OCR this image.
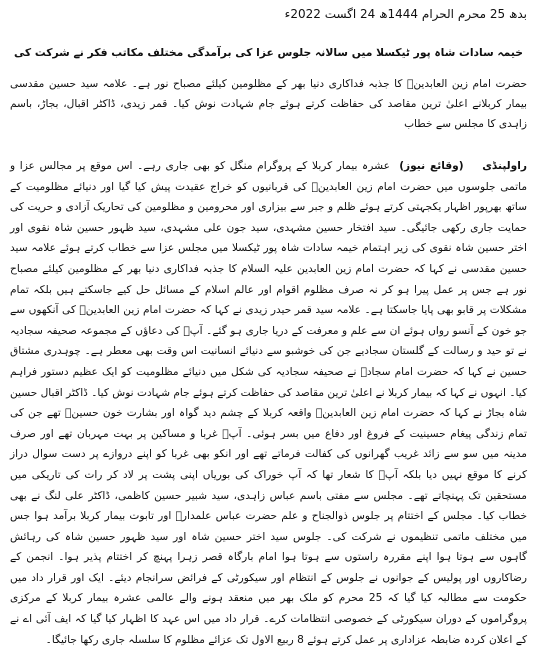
بدھ 25 محرم الحرام 1444ھ 24 اگست 2022ء
خیمہ سادات شاہ پور ٹیکسلا میں سالانہ جلوس عزا کی برآمدگی مختلف مکاتب فکر نے شرکت کی

حضرت امام زین العابدینؑ کا جذبہ فداکاری دنیا بھر کے مظلومین کیلئے مصباح نور ہے۔ علامہ سید حسین مقدسی بیمار کربلانے اعلیٰ ترین مقاصد کی حفاظت کرتے ہوئے جام شہادت نوش کیا۔ قمر زیدی، ڈاکٹر اقبال، بجاڑ، باسم زاہدی کا مجلس سے خطاب

راولپنڈی    (وقائع نیوز)  عشرہ بیمار کربلا کے پروگرام منگل کو بھی جاری رہے۔ اس موقع پر مجالس عزا و ماتمی جلوسوں میں حضرت امام زین العابدینؑ کی قربانیوں کو خراج عقیدت پیش کیا گیا اور دنیائے مظلومیت کے ساتھ بھرپور اظہار یکجہتی کرتے ہوئے ظلم و جبر سے بیزاری اور محرومین و مظلومین کی تحاریک آزادی و حریت کی حمایت جاری رکھی جائیگی۔ سید افتخار حسین مشہدی، سید جون علی مشہدی، سید ظہور حسین شاہ نقوی اور اختر حسین شاہ نقوی کی زیر اہتمام خیمہ سادات شاہ پور ٹیکسلا میں مجلس عزا سے خطاب کرتے ہوئے علامہ سید حسین مقدسی نے کہا کہ حضرت امام زین العابدین علیہ السلام کا جذبہ فداکاری دنیا بھر کے مظلومین کیلئے مصباح نور ہے جس پر عمل پیرا ہو کر نہ صرف مظلوم اقوام اور عالم اسلام کے مسائل حل کیے جاسکتے ہیں بلکہ تمام مشکلات پر قابو بھی پایا جاسکتا ہے۔ علامہ سید قمر حیدر زیدی نے کہا کہ حضرت امام زین العابدینؑ کی آنکھوں سے جو خون کے آنسو رواں ہوئے ان سے علم و معرفت کے دریا جاری ہو گئے۔ آپؑ کی دعاؤں کے مجموعہ صحیفہ سجادیہ نے تو حید و رسالت کے گلستان سجادیے جن کی خوشبو سے دنیائے انسانیت اس وقت بھی معطر ہے۔ چوہدری مشتاق حسین نے کہا کہ حضرت امام سجادؑ نے صحیفہ سجادیہ کی شکل میں دنیائے مظلومیت کو ایک عظیم دستور فراہم کیا۔ انہوں نے کہا کہ بیمار کربلا نے اعلیٰ ترین مقاصد کی حفاظت کرتے ہوئے جام شہادت نوش کیا۔ ڈاکٹر اقبال حسین شاہ بجاڑ نے کہا کہ حضرت امام زین العابدینؑ واقعہ کربلا کے چشم دید گواہ اور بشارت خون حسینؑ تھے جن کی تمام زندگی پیغام حسینیت کے فروغ اور دفاع میں بسر ہوئی۔ آپؑ غربا و مساکین پر بہت مہربان تھے اور صرف مدینہ میں سو سے زائد غریب گھرانوں کی کفالت فرماتے تھے اور انکو بھی غربا کو اپنے دروازے پر دست سوال دراز کرنے کا موقع نہیں دیا بلکہ آپؑ کا شعار تھا کہ آپ خوراک کی بوریاں اپنی پشت پر لاد کر رات کی تاریکی میں مستحقین تک پہنچاتے تھے۔ مجلس سے مفتی باسم عباس زاہدی، سید شبیر حسین کاظمی، ڈاکٹر علی لنگ نے بھی خطاب کیا۔ مجلس کے اختتام پر جلوس ذوالجناح و علم حضرت عباس علمدارؑ اور تابوت بیمار کربلا برآمد ہوا جس میں مختلف ماتمی تنظیموں نے شرکت کی۔ جلوس سید اختر حسین شاہ اور سید ظہور حسین شاہ کی رہائش گاہوں سے ہوتا ہوا اپنے مقررہ راستوں سے ہوتا ہوا امام بارگاہ قصر زہرا پہنچ کر اختتام پذیر ہوا۔ انجمن کے رضاکاروں اور پولیس کے جوانوں نے جلوس کے انتظام اور سیکورٹی کے فرائض سرانجام دیئے۔ ایک اور قرار داد میں حکومت سے مطالبہ کیا گیا کہ 25 محرم کو ملک بھر میں منعقد ہونے والے عالمی عشرہ بیمار کربلا کے مرکزی پروگراموں کے دوران سیکورٹی کے خصوصی انتظامات کرے۔ قرار داد میں اس عہد کا اظہار کیا گیا کہ ایف آئی اے نے کے اعلان کردہ ضابطہ عزاداری پر عمل کرتے ہوئے 8 ربیع الاول تک عزائے مظلوم کا سلسلہ جاری رکھا جائیگا۔
